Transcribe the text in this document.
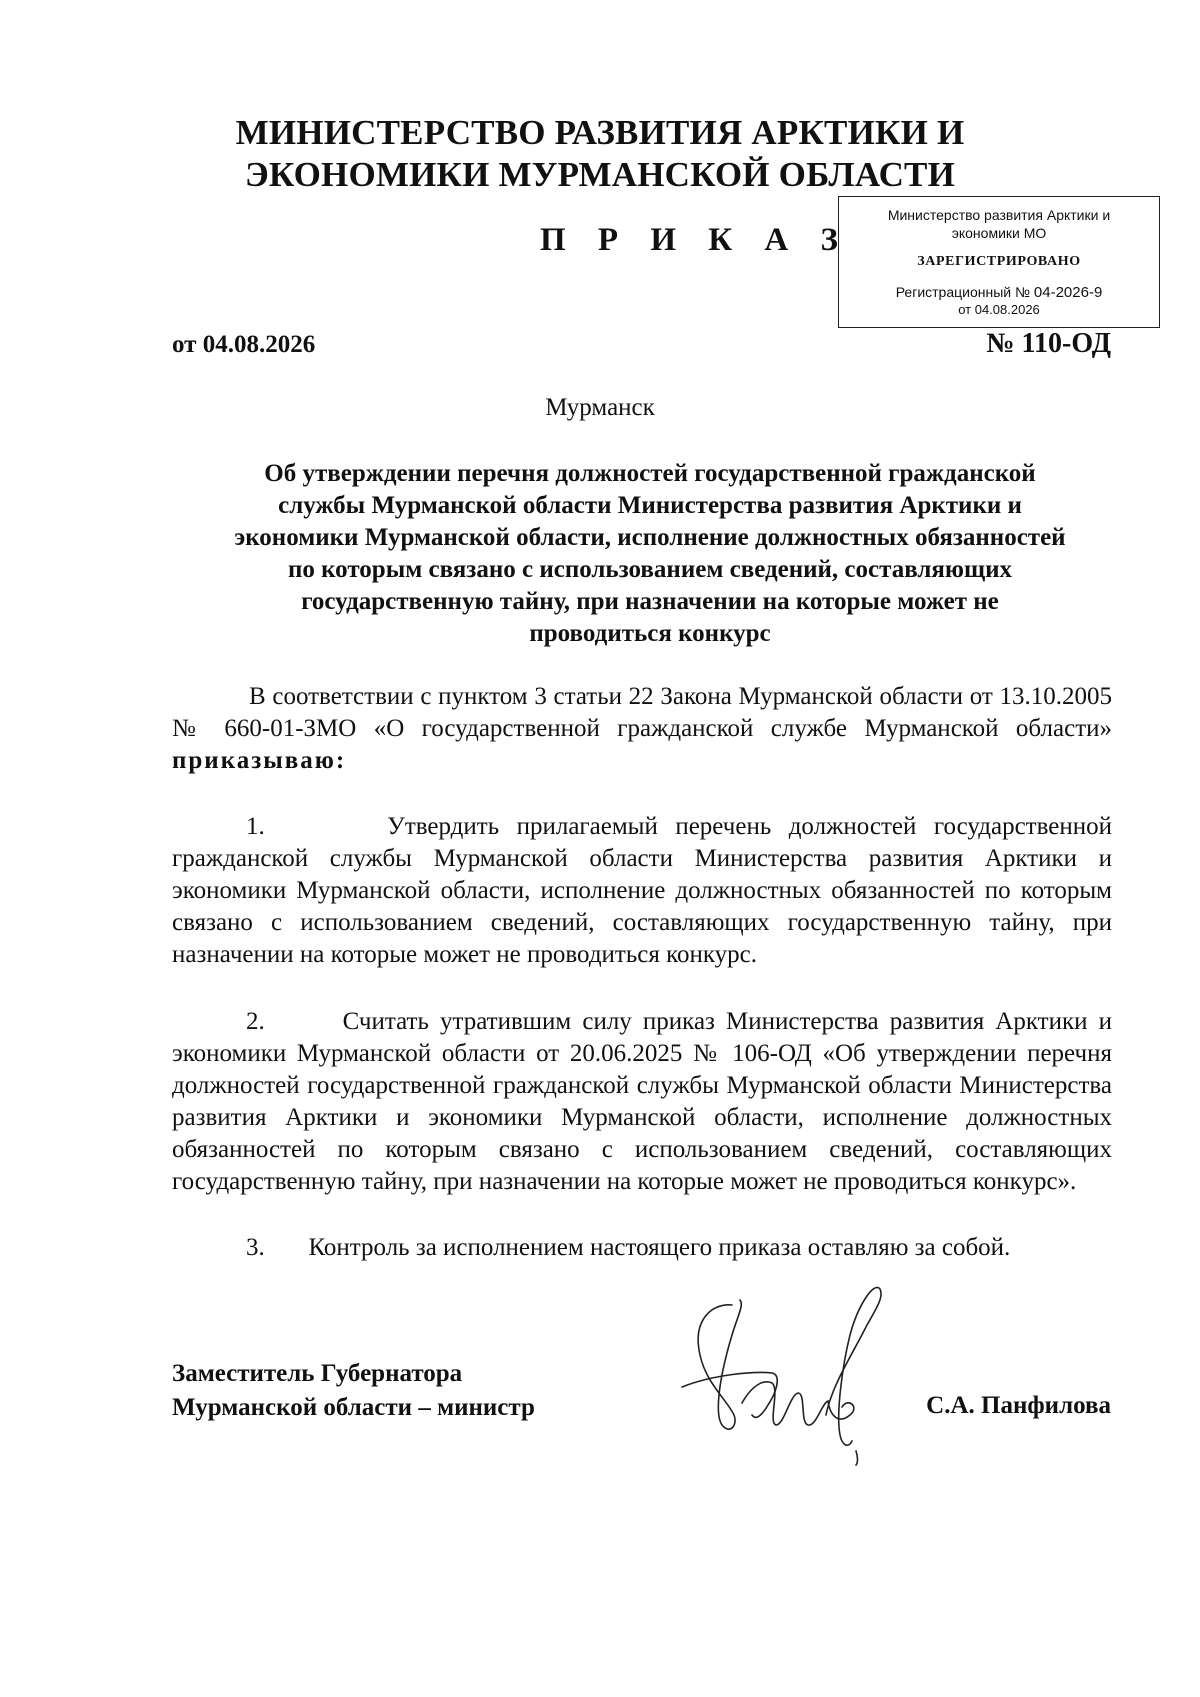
МИНИСТЕРСТВО РАЗВИТИЯ АРКТИКИ И
ЭКОНОМИКИ МУРМАНСКОЙ ОБЛАСТИ
П Р И К А З
Министерство развития Арктики и
экономики МО
ЗАРЕГИСТРИРОВАНО
Регистрационный № 04-2026-9
от 04.08.2026
от 04.08.2026	№ 110-ОД
Мурманск
Об утверждении перечня должностей государственной гражданской
службы Мурманской области Министерства развития Арктики и
экономики Мурманской области, исполнение должностных обязанностей
по которым связано с использованием сведений, составляющих
государственную тайну, при назначении на которые может не
проводиться конкурс
В соответствии с пунктом 3 статьи 22 Закона Мурманской области от 13.10.2005 № 660-01-ЗМО «О государственной гражданской службе Мурманской области» приказываю:
1.	Утвердить прилагаемый перечень должностей государственной гражданской службы Мурманской области Министерства развития Арктики и экономики Мурманской области, исполнение должностных обязанностей по которым связано с использованием сведений, составляющих государственную тайну, при назначении на которые может не проводиться конкурс.
2.	Считать утратившим силу приказ Министерства развития Арктики и экономики Мурманской области от 20.06.2025 № 106-ОД «Об утверждении перечня должностей государственной гражданской службы Мурманской области Министерства развития Арктики и экономики Мурманской области, исполнение должностных обязанностей по которым связано с использованием сведений, составляющих государственную тайну, при назначении на которые может не проводиться конкурс».
3. Контроль за исполнением настоящего приказа оставляю за собой.
Заместитель Губернатора
Мурманской области – министр	С.А. Панфилова
